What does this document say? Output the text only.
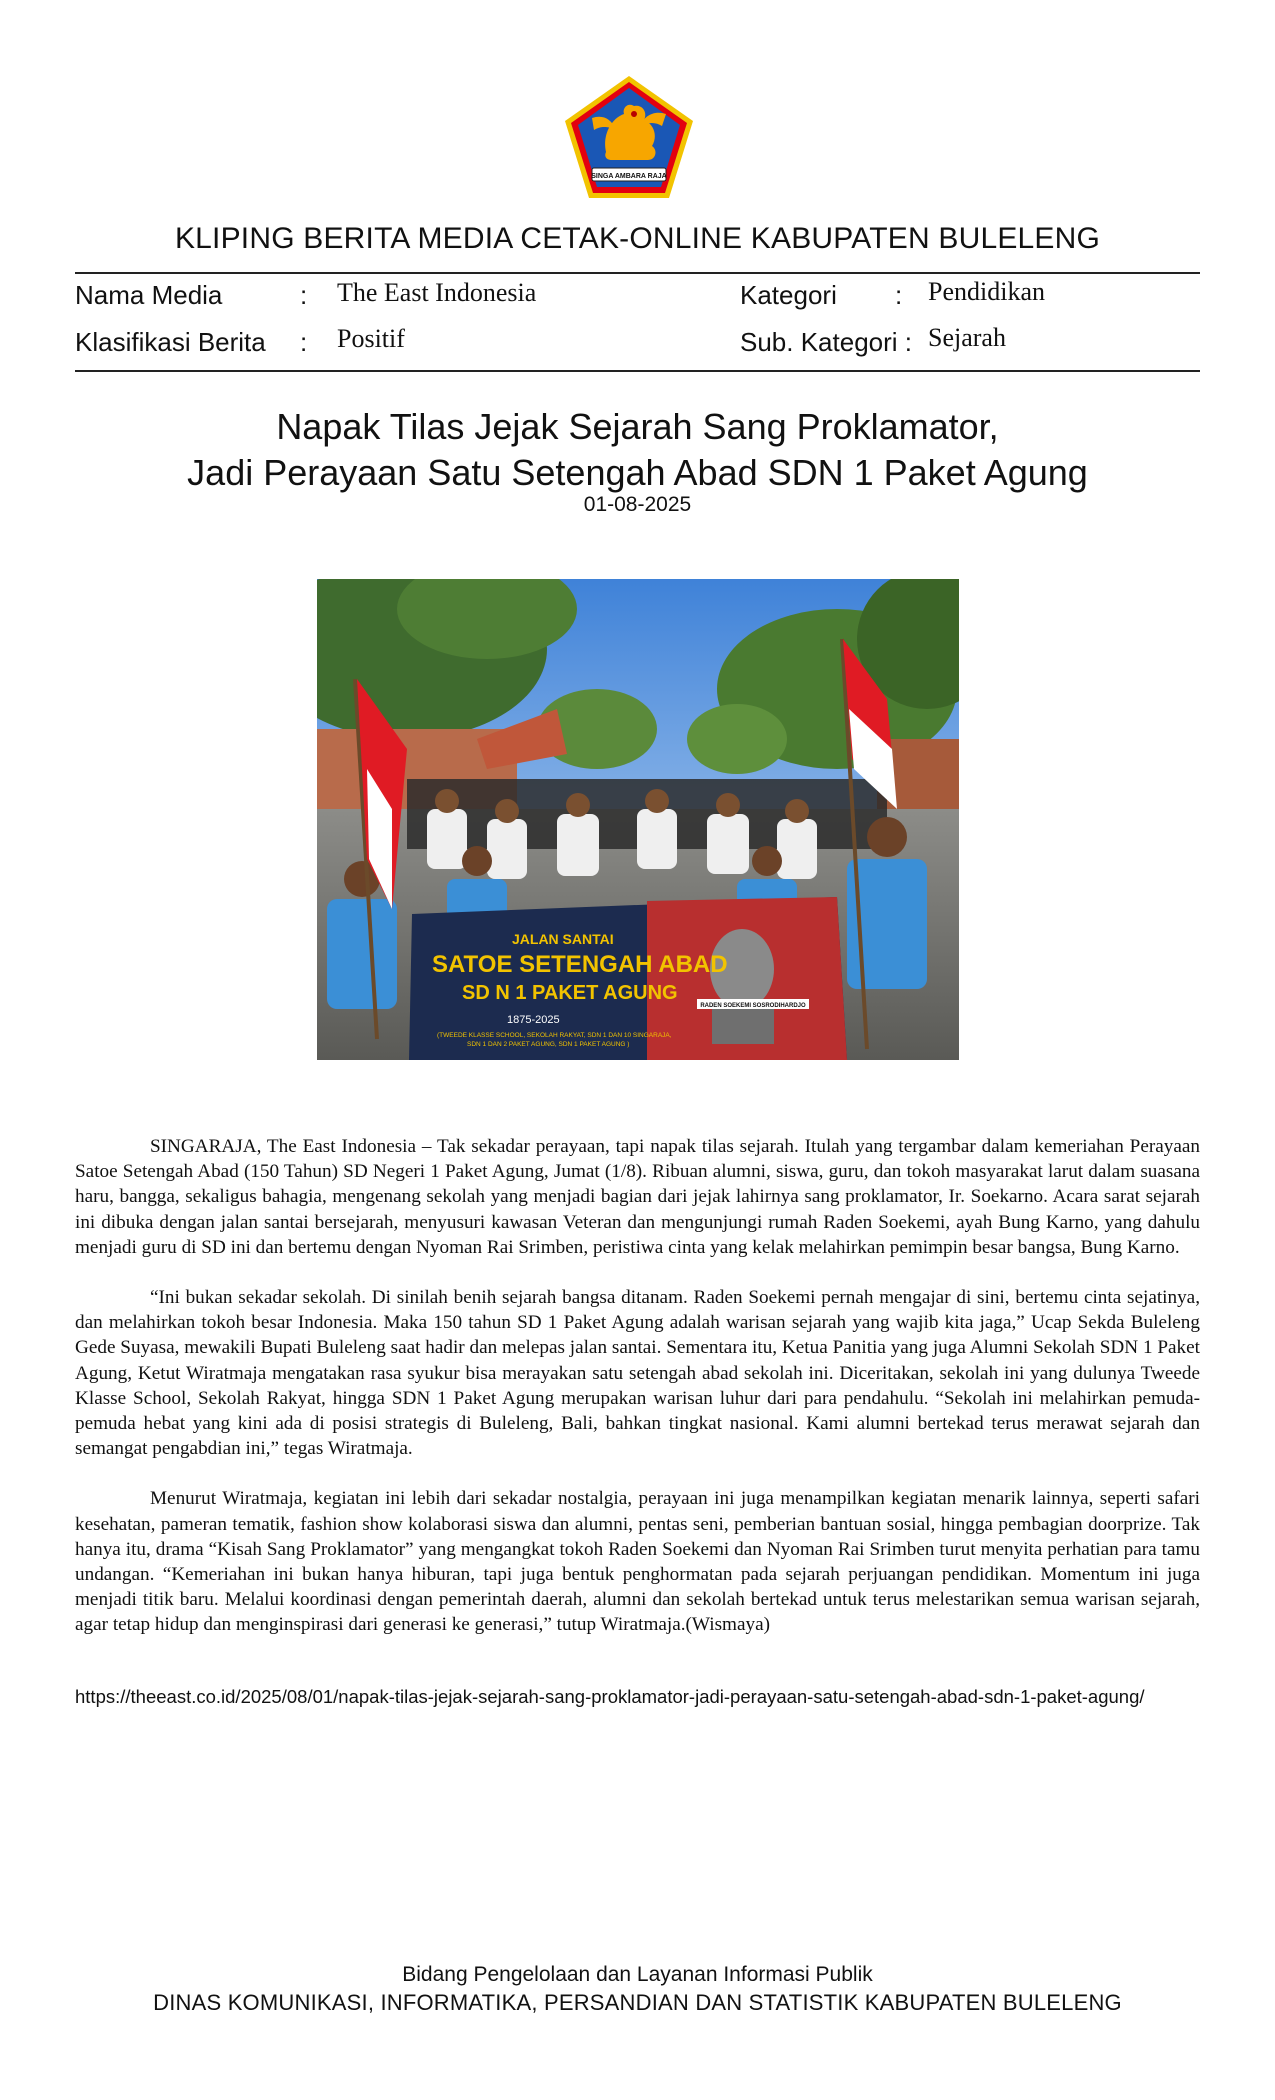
SINGA AMBARA RAJA
KLIPING BERITA MEDIA CETAK-ONLINE KABUPATEN BULELENG
Nama Media	: The East Indonesia	Kategori : Pendidikan
Klasifikasi Berita : Positif	Sub. Kategori : Sejarah
Napak Tilas Jejak Sejarah Sang Proklamator,
Jadi Perayaan Satu Setengah Abad SDN 1 Paket Agung
01-08-2025
JALAN SANTAI
SATOE SETENGAH ABAD
SD N 1 PAKET AGUNG
1875-2025
(TWEEDE KLASSE SCHOOL, SEKOLAH RAKYAT, SDN 1 DAN 10 SINGARAJA,
SDN 1 DAN 2 PAKET AGUNG, SDN 1 PAKET AGUNG )
RADEN SOEKEMI SOSRODIHARDJO

SINGARAJA, The East Indonesia – Tak sekadar perayaan, tapi napak tilas sejarah. Itulah yang tergambar dalam kemeriahan Perayaan Satoe Setengah Abad (150 Tahun) SD Negeri 1 Paket Agung, Jumat (1/8). Ribuan alumni, siswa, guru, dan tokoh masyarakat larut dalam suasana haru, bangga, sekaligus bahagia, mengenang sekolah yang menjadi bagian dari jejak lahirnya sang proklamator, Ir. Soekarno. Acara sarat sejarah ini dibuka dengan jalan santai bersejarah, menyusuri kawasan Veteran dan mengunjungi rumah Raden Soekemi, ayah Bung Karno, yang dahulu menjadi guru di SD ini dan bertemu dengan Nyoman Rai Srimben, peristiwa cinta yang kelak melahirkan pemimpin besar bangsa, Bung Karno.

“Ini bukan sekadar sekolah. Di sinilah benih sejarah bangsa ditanam. Raden Soekemi pernah mengajar di sini, bertemu cinta sejatinya, dan melahirkan tokoh besar Indonesia. Maka 150 tahun SD 1 Paket Agung adalah warisan sejarah yang wajib kita jaga,” Ucap Sekda Buleleng Gede Suyasa, mewakili Bupati Buleleng saat hadir dan melepas jalan santai. Sementara itu, Ketua Panitia yang juga Alumni Sekolah SDN 1 Paket Agung, Ketut Wiratmaja mengatakan rasa syukur bisa merayakan satu setengah abad sekolah ini. Diceritakan, sekolah ini yang dulunya Tweede Klasse School, Sekolah Rakyat, hingga SDN 1 Paket Agung merupakan warisan luhur dari para pendahulu. “Sekolah ini melahirkan pemuda-pemuda hebat yang kini ada di posisi strategis di Buleleng, Bali, bahkan tingkat nasional. Kami alumni bertekad terus merawat sejarah dan semangat pengabdian ini,” tegas Wiratmaja.

Menurut Wiratmaja, kegiatan ini lebih dari sekadar nostalgia, perayaan ini juga menampilkan kegiatan menarik lainnya, seperti safari kesehatan, pameran tematik, fashion show kolaborasi siswa dan alumni, pentas seni, pemberian bantuan sosial, hingga pembagian doorprize. Tak hanya itu, drama “Kisah Sang Proklamator” yang mengangkat tokoh Raden Soekemi dan Nyoman Rai Srimben turut menyita perhatian para tamu undangan. “Kemeriahan ini bukan hanya hiburan, tapi juga bentuk penghormatan pada sejarah perjuangan pendidikan. Momentum ini juga menjadi titik baru. Melalui koordinasi dengan pemerintah daerah, alumni dan sekolah bertekad untuk terus melestarikan semua warisan sejarah, agar tetap hidup dan menginspirasi dari generasi ke generasi,” tutup Wiratmaja.(Wismaya)

https://theeast.co.id/2025/08/01/napak-tilas-jejak-sejarah-sang-proklamator-jadi-perayaan-satu-setengah-abad-sdn-1-paket-agung/
Bidang Pengelolaan dan Layanan Informasi Publik
DINAS KOMUNIKASI, INFORMATIKA, PERSANDIAN DAN STATISTIK KABUPATEN BULELENG
